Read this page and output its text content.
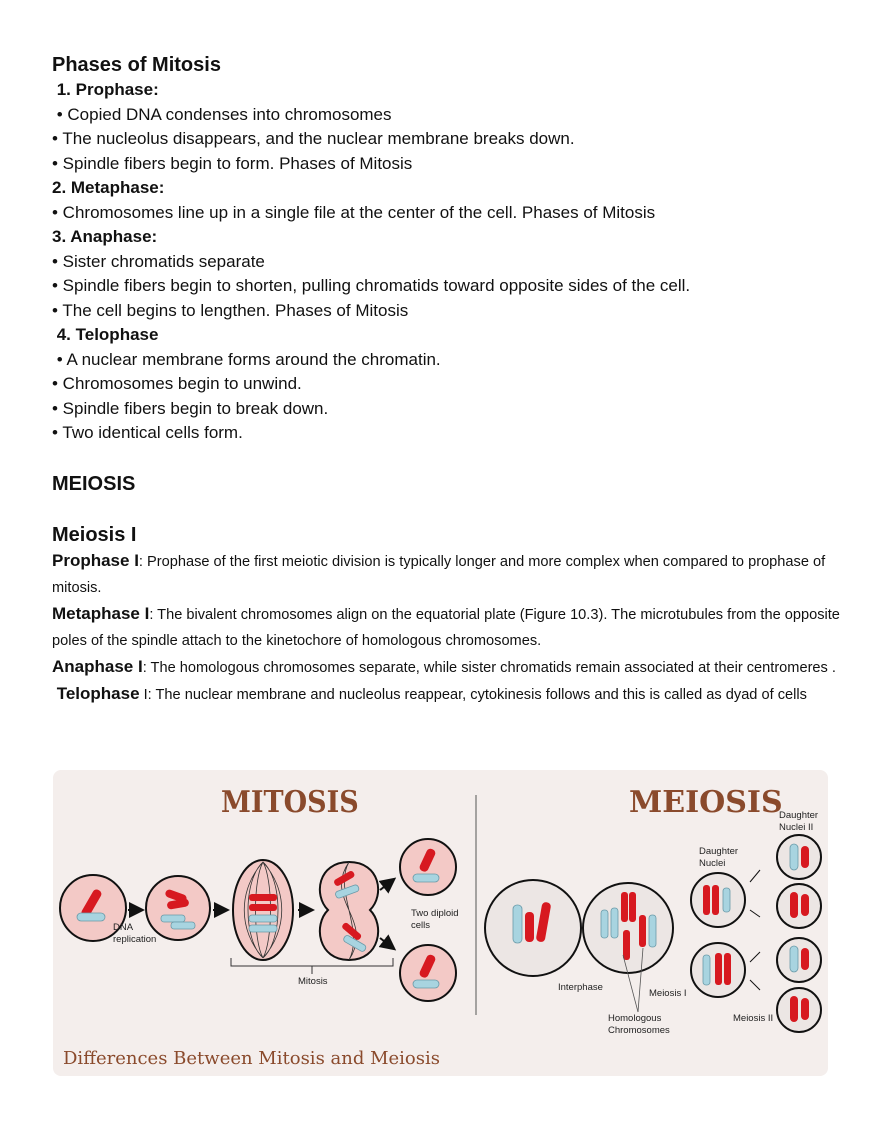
Phases of Mitosis

1. Prophase:

• Copied DNA condenses into chromosomes

• The nucleolus disappears, and the nuclear membrane breaks down.

• Spindle fibers begin to form. Phases of Mitosis

2. Metaphase:

• Chromosomes line up in a single file at the center of the cell. Phases of Mitosis

3. Anaphase:

• Sister chromatids separate

• Spindle fibers begin to shorten, pulling chromatids toward opposite sides of the cell.

• The cell begins to lengthen. Phases of Mitosis

4. Telophase

• A nuclear membrane forms around the chromatin.

• Chromosomes begin to unwind.

• Spindle fibers begin to break down.

• Two identical cells form.

MEIOSIS

Meiosis I

Prophase I: Prophase of the first meiotic division is typically longer and more complex when compared to prophase of mitosis.

Metaphase I: The bivalent chromosomes align on the equatorial plate (Figure 10.3). The microtubules from the opposite poles of the spindle attach to the kinetochore of homologous chromosomes.

Anaphase I: The homologous chromosomes separate, while sister chromatids remain associated at their centromeres .

Telophase I: The nuclear membrane and nucleolus reappear, cytokinesis follows and this is called as dyad of cells

MITOSIS	MEIOSIS
DNA
replication
Two diploid
cells
Mitosis
Interphase
Daughter
Nuclei
Meiosis I
Homologous
Chromosomes
Daughter
Nuclei II
Meiosis II
Differences Between Mitosis and Meiosis
